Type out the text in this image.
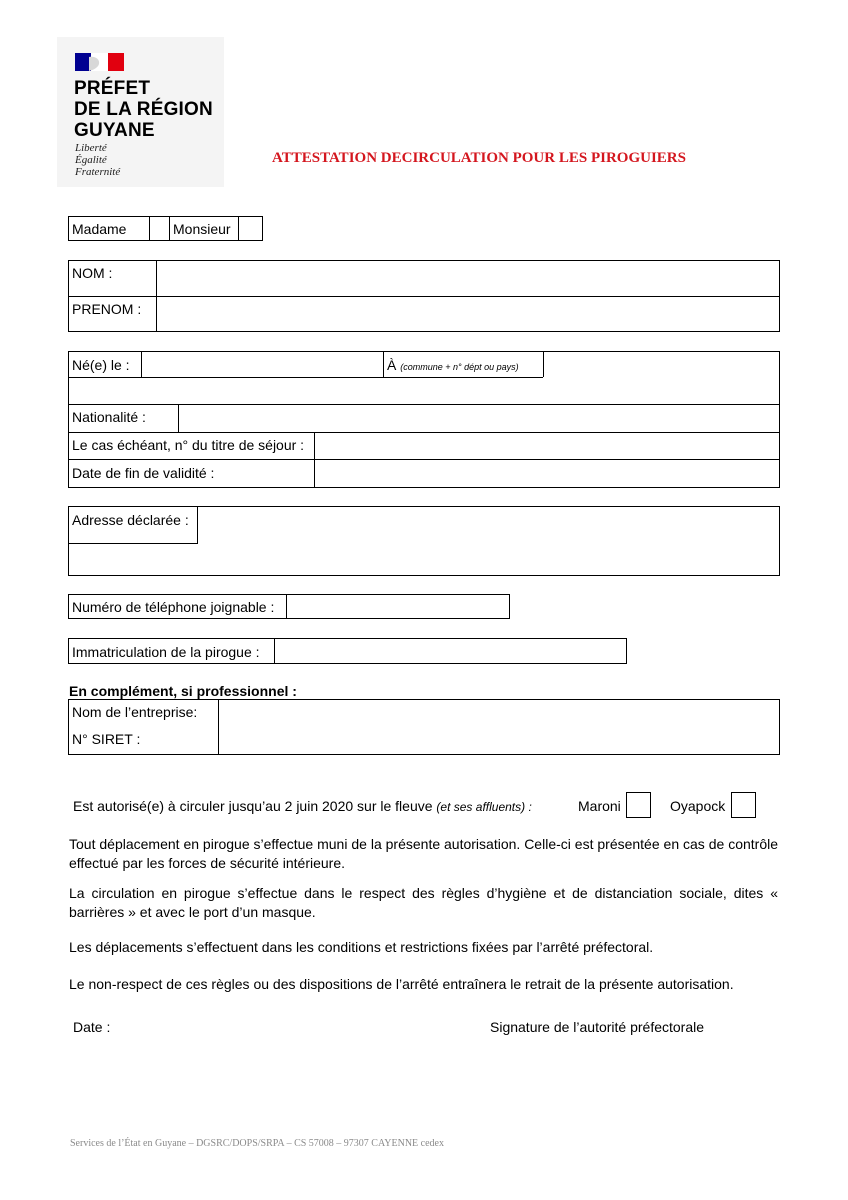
PRÉFET
DE LA RÉGION
GUYANE
Liberté
Égalité
Fraternité
ATTESTATION DECIRCULATION POUR LES PIROGUIERS
Madame	Monsieur
NOM :
PRENOM :
Né(e) le :	À (commune + n° dépt ou pays)
Nationalité :
Le cas échéant, n° du titre de séjour :
Date de fin de validité :
Adresse déclarée :
Numéro de téléphone joignable :
Immatriculation de la pirogue :
En complément, si professionnel :
Nom de l’entreprise:
N° SIRET :
Est autorisé(e) à circuler jusqu’au 2 juin 2020 sur le fleuve (et ses affluents) :	Maroni	Oyapock
Tout déplacement en pirogue s’effectue muni de la présente autorisation. Celle-ci est présentée en cas de contrôle effectué par les forces de sécurité intérieure.
La circulation en pirogue s’effectue dans le respect des règles d’hygiène et de distanciation sociale, dites « barrières » et avec le port d’un masque.
Les déplacements s’effectuent dans les conditions et restrictions fixées par l’arrêté préfectoral.
Le non-respect de ces règles ou des dispositions de l’arrêté entraînera le retrait de la présente autorisation.
Date :	Signature de l’autorité préfectorale
Services de l’État en Guyane – DGSRC/DOPS/SRPA – CS 57008 – 97307 CAYENNE cedex
